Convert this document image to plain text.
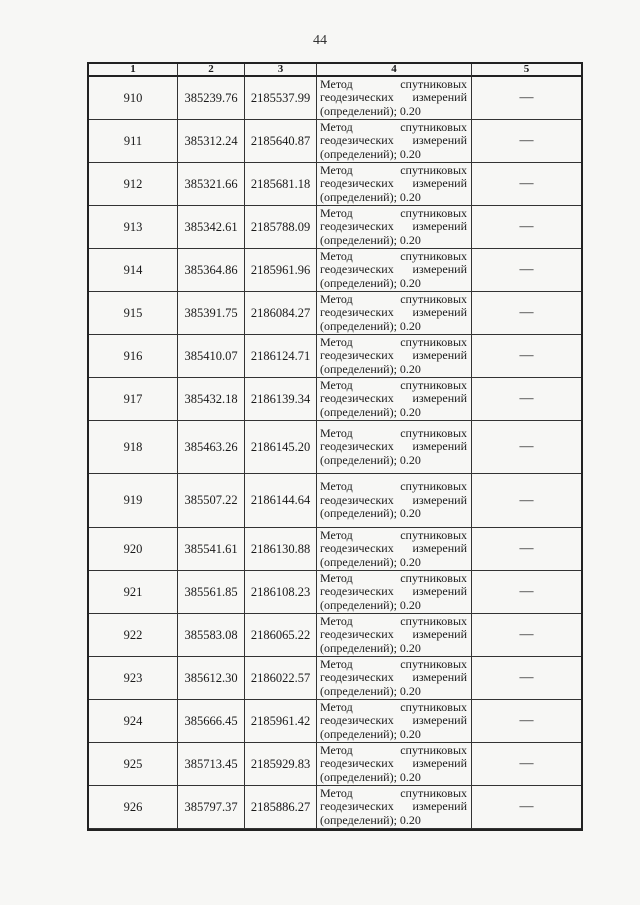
44
1	2	3	4	5
910	385239.76	2185537.99	Метод спутниковых
геодезических измерений
(определений); 0.20	—
911	385312.24	2185640.87	Метод спутниковых
геодезических измерений
(определений); 0.20	—
912	385321.66	2185681.18	Метод спутниковых
геодезических измерений
(определений); 0.20	—
913	385342.61	2185788.09	Метод спутниковых
геодезических измерений
(определений); 0.20	—
914	385364.86	2185961.96	Метод спутниковых
геодезических измерений
(определений); 0.20	—
915	385391.75	2186084.27	Метод спутниковых
геодезических измерений
(определений); 0.20	—
916	385410.07	2186124.71	Метод спутниковых
геодезических измерений
(определений); 0.20	—
917	385432.18	2186139.34	Метод спутниковых
геодезических измерений
(определений); 0.20	—
918	385463.26	2186145.20	Метод спутниковых
геодезических измерений
(определений); 0.20	—
919	385507.22	2186144.64	Метод спутниковых
геодезических измерений
(определений); 0.20	—
920	385541.61	2186130.88	Метод спутниковых
геодезических измерений
(определений); 0.20	—
921	385561.85	2186108.23	Метод спутниковых
геодезических измерений
(определений); 0.20	—
922	385583.08	2186065.22	Метод спутниковых
геодезических измерений
(определений); 0.20	—
923	385612.30	2186022.57	Метод спутниковых
геодезических измерений
(определений); 0.20	—
924	385666.45	2185961.42	Метод спутниковых
геодезических измерений
(определений); 0.20	—
925	385713.45	2185929.83	Метод спутниковых
геодезических измерений
(определений); 0.20	—
926	385797.37	2185886.27	Метод спутниковых
геодезических измерений
(определений); 0.20	—
